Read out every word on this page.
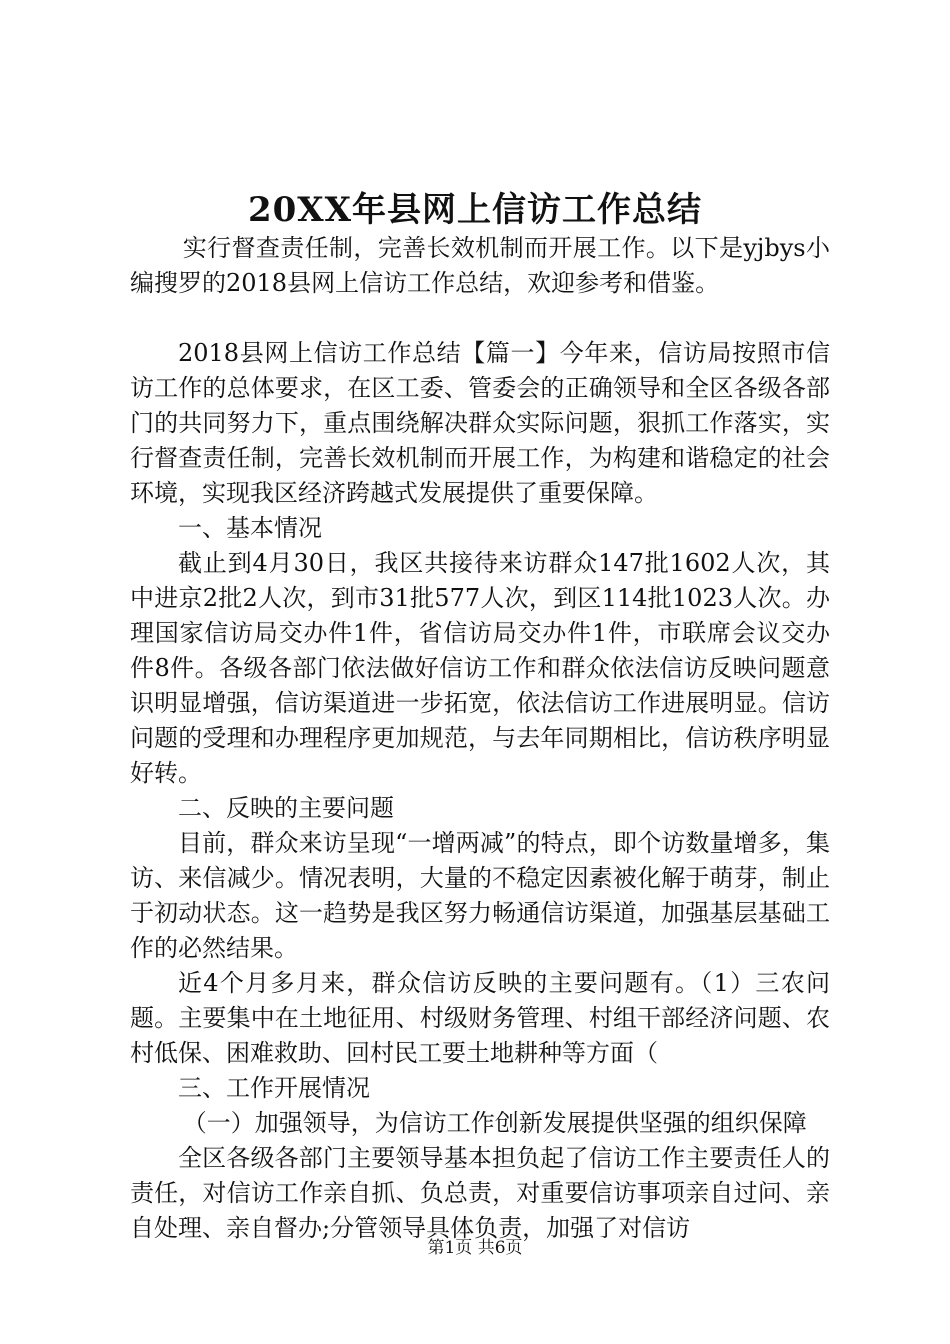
20XX年县网上信访工作总结

实行督查责任制，完善长效机制而开展工作。以下是yjbys小编搜罗的2018县网上信访工作总结，欢迎参考和借鉴。

2018县网上信访工作总结【篇一】今年来，信访局按照市信访工作的总体要求，在区工委、管委会的正确领导和全区各级各部门的共同努力下，重点围绕解决群众实际问题，狠抓工作落实，实行督查责任制，完善长效机制而开展工作，为构建和谐稳定的社会环境，实现我区经济跨越式发展提供了重要保障。

一、基本情况

截止到4月30日，我区共接待来访群众147批1602人次，其中进京2批2人次，到市31批577人次，到区114批1023人次。办理国家信访局交办件1件，省信访局交办件1件，市联席会议交办件8件。各级各部门依法做好信访工作和群众依法信访反映问题意识明显增强，信访渠道进一步拓宽，依法信访工作进展明显。信访问题的受理和办理程序更加规范，与去年同期相比，信访秩序明显好转。

二、反映的主要问题

目前，群众来访呈现“一增两减”的特点，即个访数量增多，集访、来信减少。情况表明，大量的不稳定因素被化解于萌芽，制止于初动状态。这一趋势是我区努力畅通信访渠道，加强基层基础工作的必然结果。

近4个月多月来，群众信访反映的主要问题有。（1）三农问题。主要集中在土地征用、村级财务管理、村组干部经济问题、农村低保、困难救助、回村民工要土地耕种等方面（

三、工作开展情况

（一）加强领导，为信访工作创新发展提供坚强的组织保障

全区各级各部门主要领导基本担负起了信访工作主要责任人的责任，对信访工作亲自抓、负总责，对重要信访事项亲自过问、亲自处理、亲自督办;分管领导具体负责，加强了对信访

第1页 共6页
